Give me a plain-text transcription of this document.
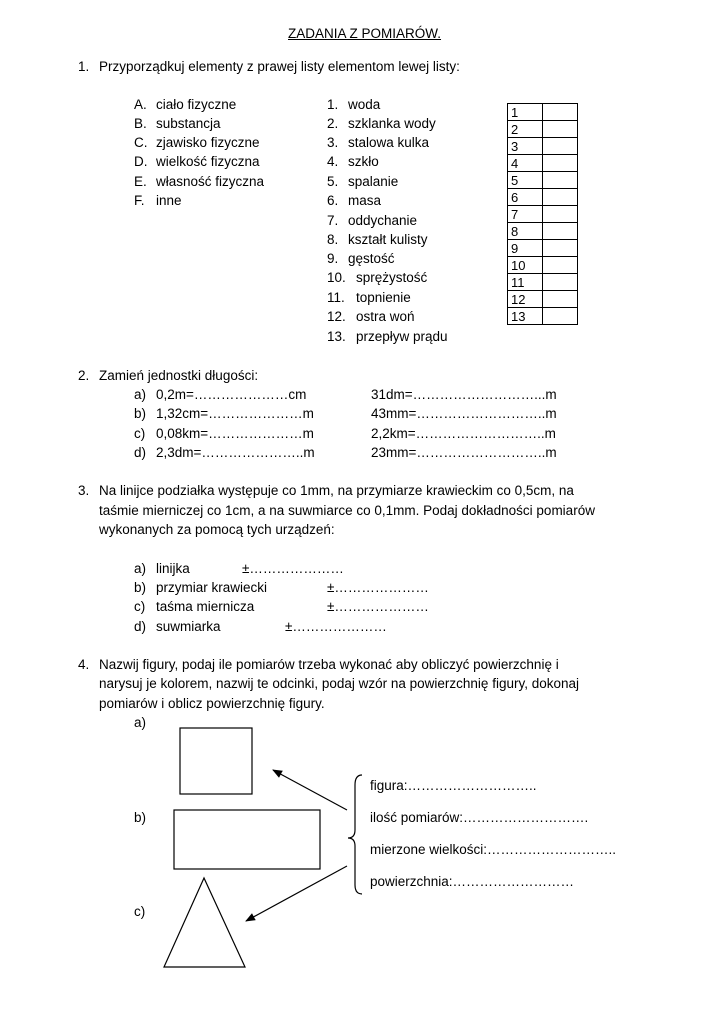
ZADANIA Z POMIARÓW.
1. Przyporządkuj elementy z prawej listy elementom lewej listy:
A. ciało fizyczne
B. substancja
C. zjawisko fizyczne
D. wielkość fizyczna
E. własność fizyczna
F. inne
1. woda
2. szklanka wody
3. stalowa kulka
4. szkło
5. spalanie
6. masa
7. oddychanie
8. kształt kulisty
9. gęstość
10. sprężystość
11. topnienie
12. ostra woń
13. przepływ prądu
1	
2	
3	
4	
5	
6	
7	
8	
9	
10	
11	
12	
13	
2. Zamień jednostki długości:
a) 0,2m=…………………cm	31dm=………………………...m
b) 1,32cm=…………………m	43mm=………………………..m
c) 0,08km=…………………m	2,2km=………………………..m
d) 2,3dm=…………………..m	23mm=………………………..m
3. Na linijce podziałka występuje co 1mm, na przymiarze krawieckim co 0,5cm, na
taśmie mierniczej co 1cm, a na suwmiarce co 0,1mm. Podaj dokładności pomiarów
wykonanych za pomocą tych urządzeń:
a) linijka	±…………………
b) przymiar krawiecki	±…………………
c) taśma miernicza	±…………………
d) suwmiarka	±…………………
4. Nazwij figury, podaj ile pomiarów trzeba wykonać aby obliczyć powierzchnię i
narysuj je kolorem, nazwij te odcinki, podaj wzór na powierzchnię figury, dokonaj
pomiarów i oblicz powierzchnię figury.
a)
b)
c)
figura:………………………..
ilość pomiarów:……………………….
mierzone wielkości:………………………..
powierzchnia:………………………
